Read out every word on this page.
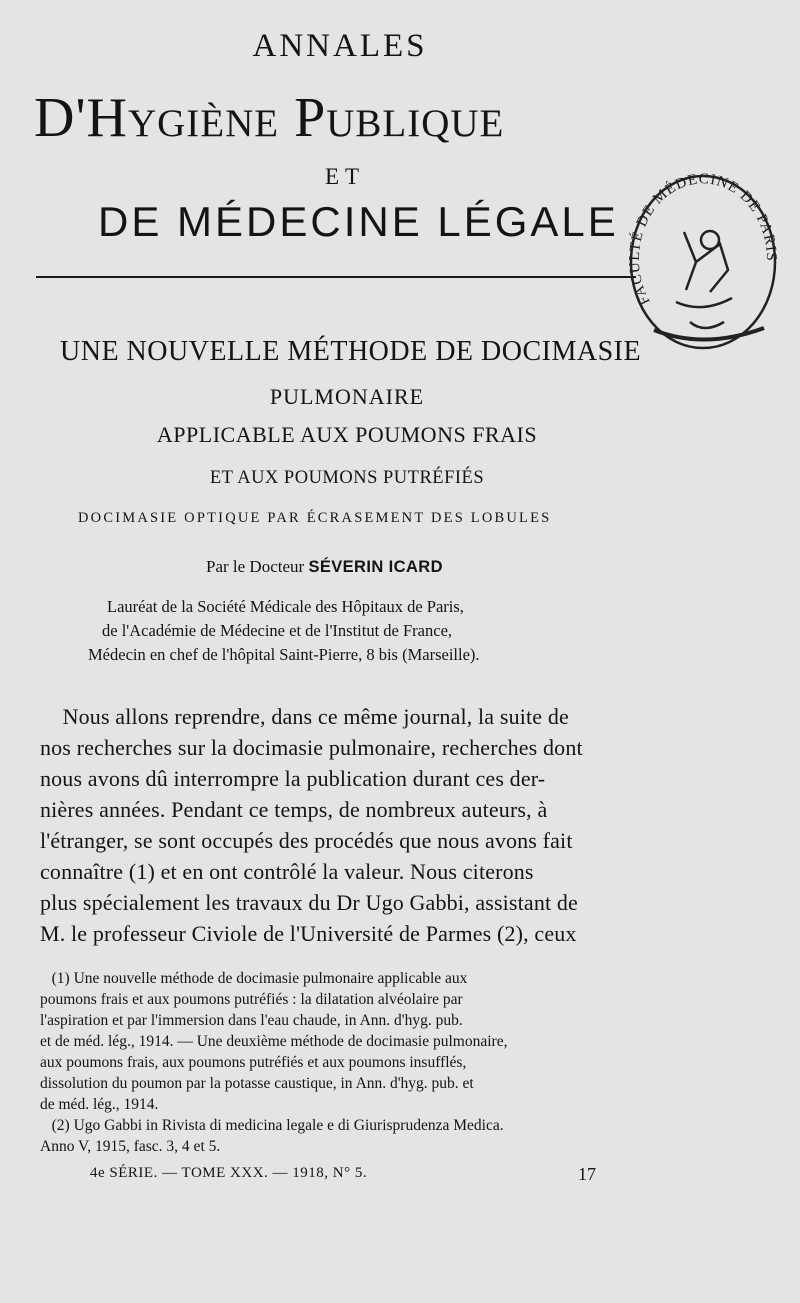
ANNALES
D'Hygiène Publique
ET
DE MÉDECINE LÉGALE
FACULTÉ DE MÉDECINE DE PARIS
UNE NOUVELLE MÉTHODE DE DOCIMASIE
PULMONAIRE
APPLICABLE AUX POUMONS FRAIS
ET AUX POUMONS PUTRÉFIÉS
DOCIMASIE OPTIQUE PAR ÉCRASEMENT DES LOBULES
Par le Docteur SÉVERIN ICARD
Lauréat de la Société Médicale des Hôpitaux de Paris,
de l'Académie de Médecine et de l'Institut de France,
Médecin en chef de l'hôpital Saint-Pierre, 8 bis (Marseille).
Nous allons reprendre, dans ce même journal, la suite de
nos recherches sur la docimasie pulmonaire, recherches dont
nous avons dû interrompre la publication durant ces der-
nières années. Pendant ce temps, de nombreux auteurs, à
l'étranger, se sont occupés des procédés que nous avons fait
connaître (1) et en ont contrôlé la valeur. Nous citerons
plus spécialement les travaux du Dr Ugo Gabbi, assistant de
M. le professeur Civiole de l'Université de Parmes (2), ceux
(1) Une nouvelle méthode de docimasie pulmonaire applicable aux
poumons frais et aux poumons putréfiés : la dilatation alvéolaire par
l'aspiration et par l'immersion dans l'eau chaude, in Ann. d'hyg. pub.
et de méd. lég., 1914. — Une deuxième méthode de docimasie pulmonaire,
aux poumons frais, aux poumons putréfiés et aux poumons insufflés,
dissolution du poumon par la potasse caustique, in Ann. d'hyg. pub. et
de méd. lég., 1914.
(2) Ugo Gabbi in Rivista di medicina legale e di Giurisprudenza Medica.
Anno V, 1915, fasc. 3, 4 et 5.
4e SÉRIE. — TOME XXX. — 1918, N° 5.	17
